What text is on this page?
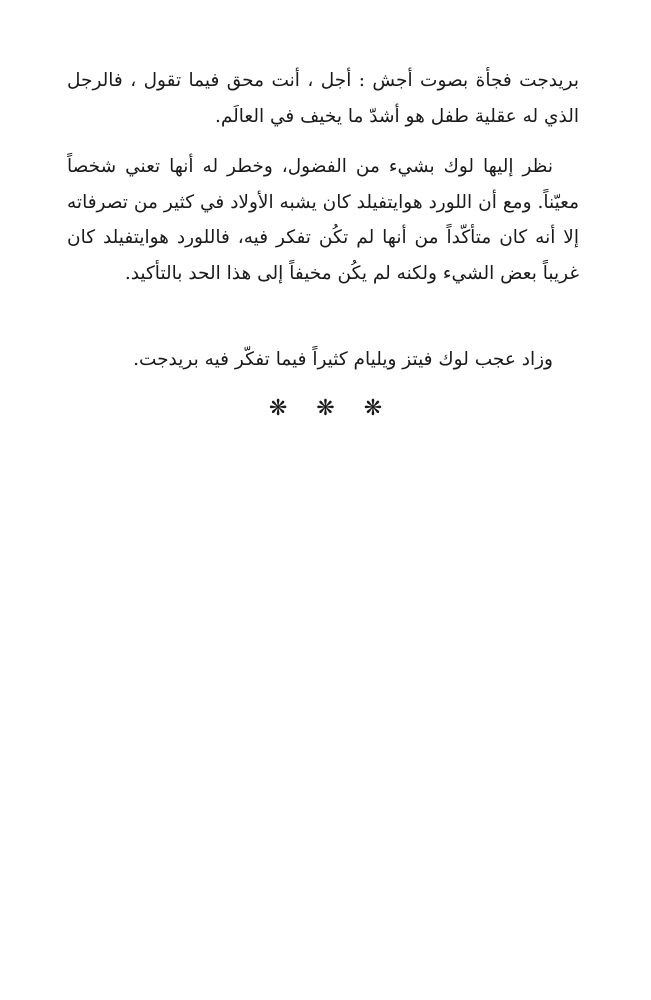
بريدجت فجأة بصوت أجش : أجل ، أنت محق فيما تقول ، فالرجل الذي له عقلية طفل هو أشدّ ما يخيف في العالَم.

نظر إليها لوك بشيء من الفضول، وخطر له أنها تعني شخصاً معيّناً. ومع أن اللورد هوايتفيلد كان يشبه الأولاد في كثير من تصرفاته إلا أنه كان متأكّداً من أنها لم تكُن تفكر فيه، فاللورد هوايتفيلد كان غريباً بعض الشيء ولكنه لم يكُن مخيفاً إلى هذا الحد بالتأكيد.

وزاد عجب لوك فيتز ويليام كثيراً فيما تفكّر فيه بريدجت.

❋ ❋ ❋
